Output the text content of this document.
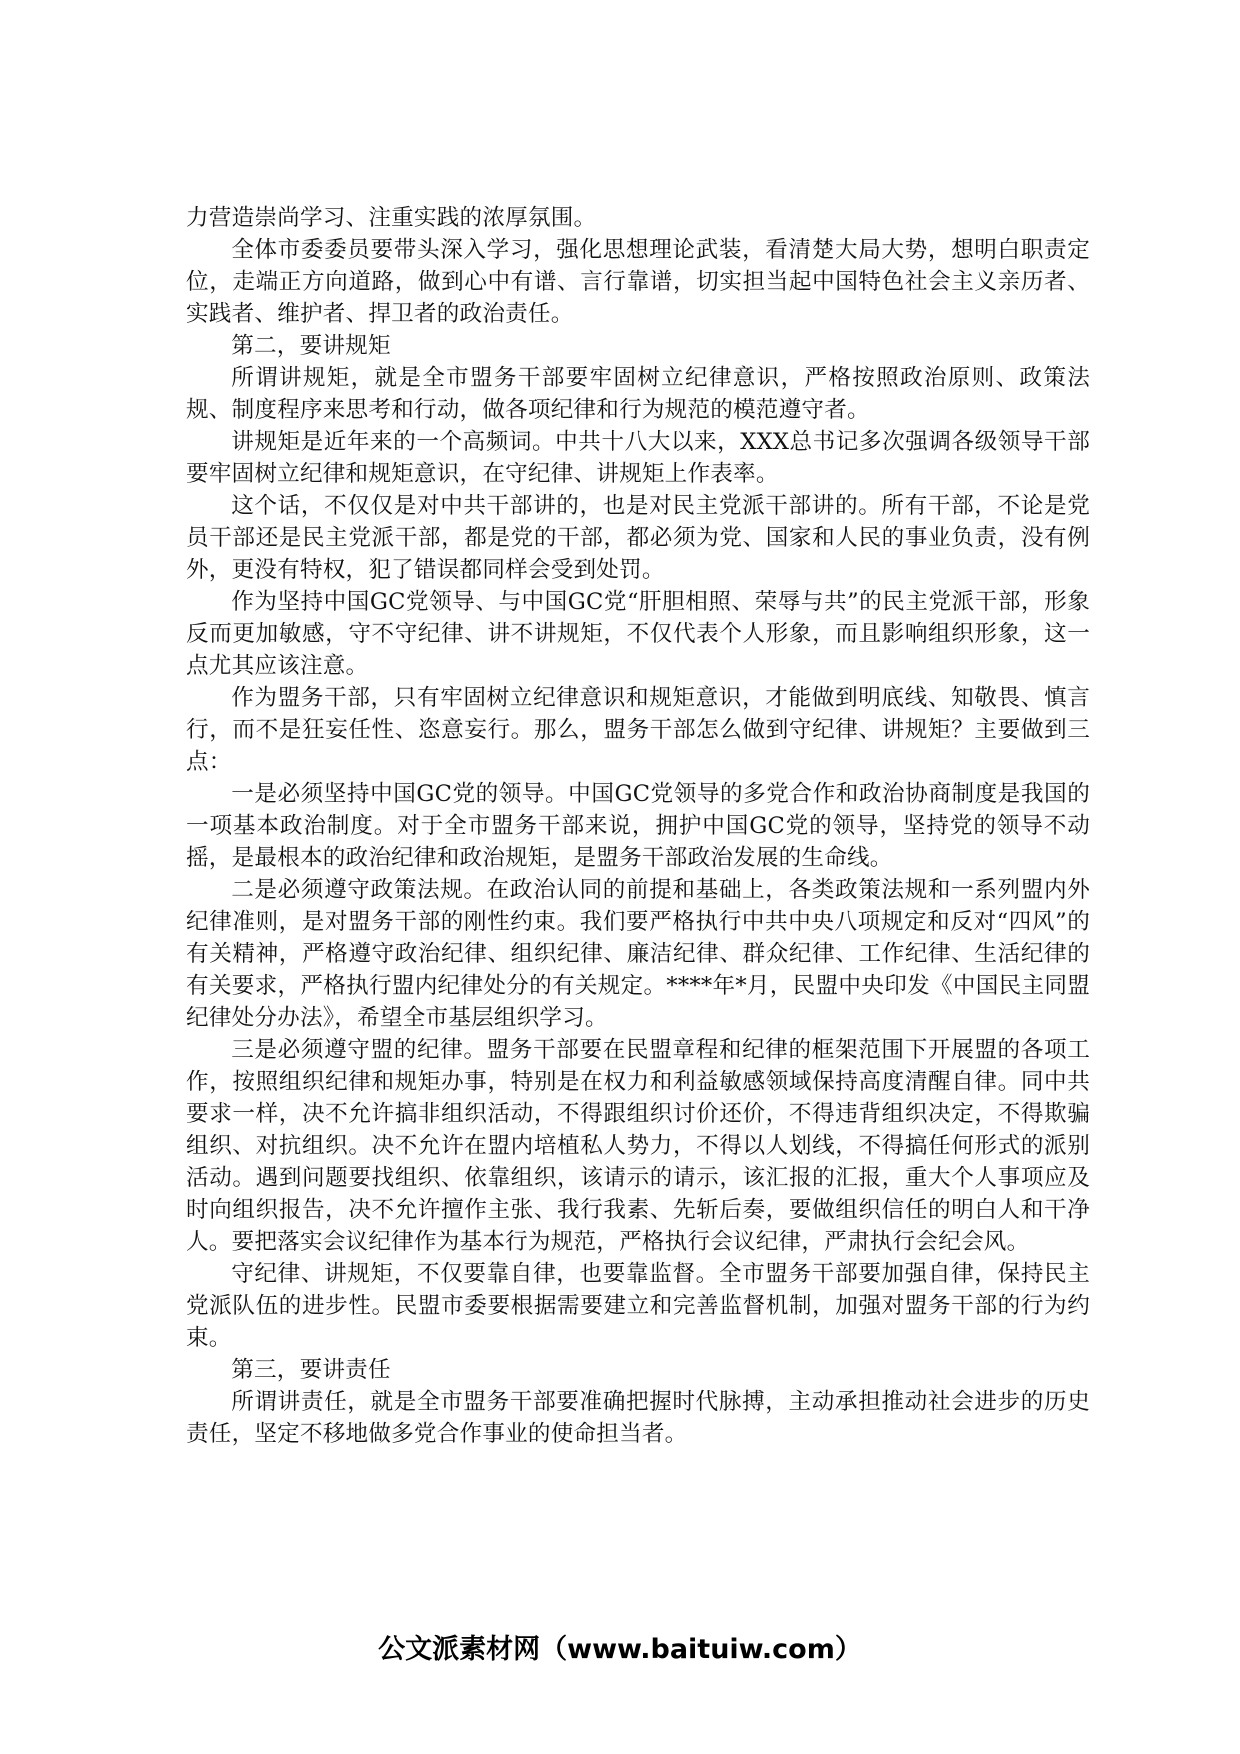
力营造崇尚学习、注重实践的浓厚氛围。

全体市委委员要带头深入学习，强化思想理论武装，看清楚大局大势，想明白职责定位，走端正方向道路，做到心中有谱、言行靠谱，切实担当起中国特色社会主义亲历者、实践者、维护者、捍卫者的政治责任。

第二，要讲规矩

所谓讲规矩，就是全市盟务干部要牢固树立纪律意识，严格按照政治原则、政策法规、制度程序来思考和行动，做各项纪律和行为规范的模范遵守者。

讲规矩是近年来的一个高频词。中共十八大以来，XXX总书记多次强调各级领导干部要牢固树立纪律和规矩意识，在守纪律、讲规矩上作表率。

这个话，不仅仅是对中共干部讲的，也是对民主党派干部讲的。所有干部，不论是党员干部还是民主党派干部，都是党的干部，都必须为党、国家和人民的事业负责，没有例外，更没有特权，犯了错误都同样会受到处罚。

作为坚持中国GC党领导、与中国GC党“肝胆相照、荣辱与共”的民主党派干部，形象反而更加敏感，守不守纪律、讲不讲规矩，不仅代表个人形象，而且影响组织形象，这一点尤其应该注意。

作为盟务干部，只有牢固树立纪律意识和规矩意识，才能做到明底线、知敬畏、慎言行，而不是狂妄任性、恣意妄行。那么，盟务干部怎么做到守纪律、讲规矩？主要做到三点：

一是必须坚持中国GC党的领导。中国GC党领导的多党合作和政治协商制度是我国的一项基本政治制度。对于全市盟务干部来说，拥护中国GC党的领导，坚持党的领导不动摇，是最根本的政治纪律和政治规矩，是盟务干部政治发展的生命线。

二是必须遵守政策法规。在政治认同的前提和基础上，各类政策法规和一系列盟内外纪律准则，是对盟务干部的刚性约束。我们要严格执行中共中央八项规定和反对“四风”的有关精神，严格遵守政治纪律、组织纪律、廉洁纪律、群众纪律、工作纪律、生活纪律的有关要求，严格执行盟内纪律处分的有关规定。****年*月，民盟中央印发《中国民主同盟纪律处分办法》，希望全市基层组织学习。

三是必须遵守盟的纪律。盟务干部要在民盟章程和纪律的框架范围下开展盟的各项工作，按照组织纪律和规矩办事，特别是在权力和利益敏感领域保持高度清醒自律。同中共要求一样，决不允许搞非组织活动，不得跟组织讨价还价，不得违背组织决定，不得欺骗组织、对抗组织。决不允许在盟内培植私人势力，不得以人划线，不得搞任何形式的派别活动。遇到问题要找组织、依靠组织，该请示的请示，该汇报的汇报，重大个人事项应及时向组织报告，决不允许擅作主张、我行我素、先斩后奏，要做组织信任的明白人和干净人。要把落实会议纪律作为基本行为规范，严格执行会议纪律，严肃执行会纪会风。

守纪律、讲规矩，不仅要靠自律，也要靠监督。全市盟务干部要加强自律，保持民主党派队伍的进步性。民盟市委要根据需要建立和完善监督机制，加强对盟务干部的行为约束。

第三，要讲责任

所谓讲责任，就是全市盟务干部要准确把握时代脉搏，主动承担推动社会进步的历史责任，坚定不移地做多党合作事业的使命担当者。

公文派素材网（www.baituiw.com）
